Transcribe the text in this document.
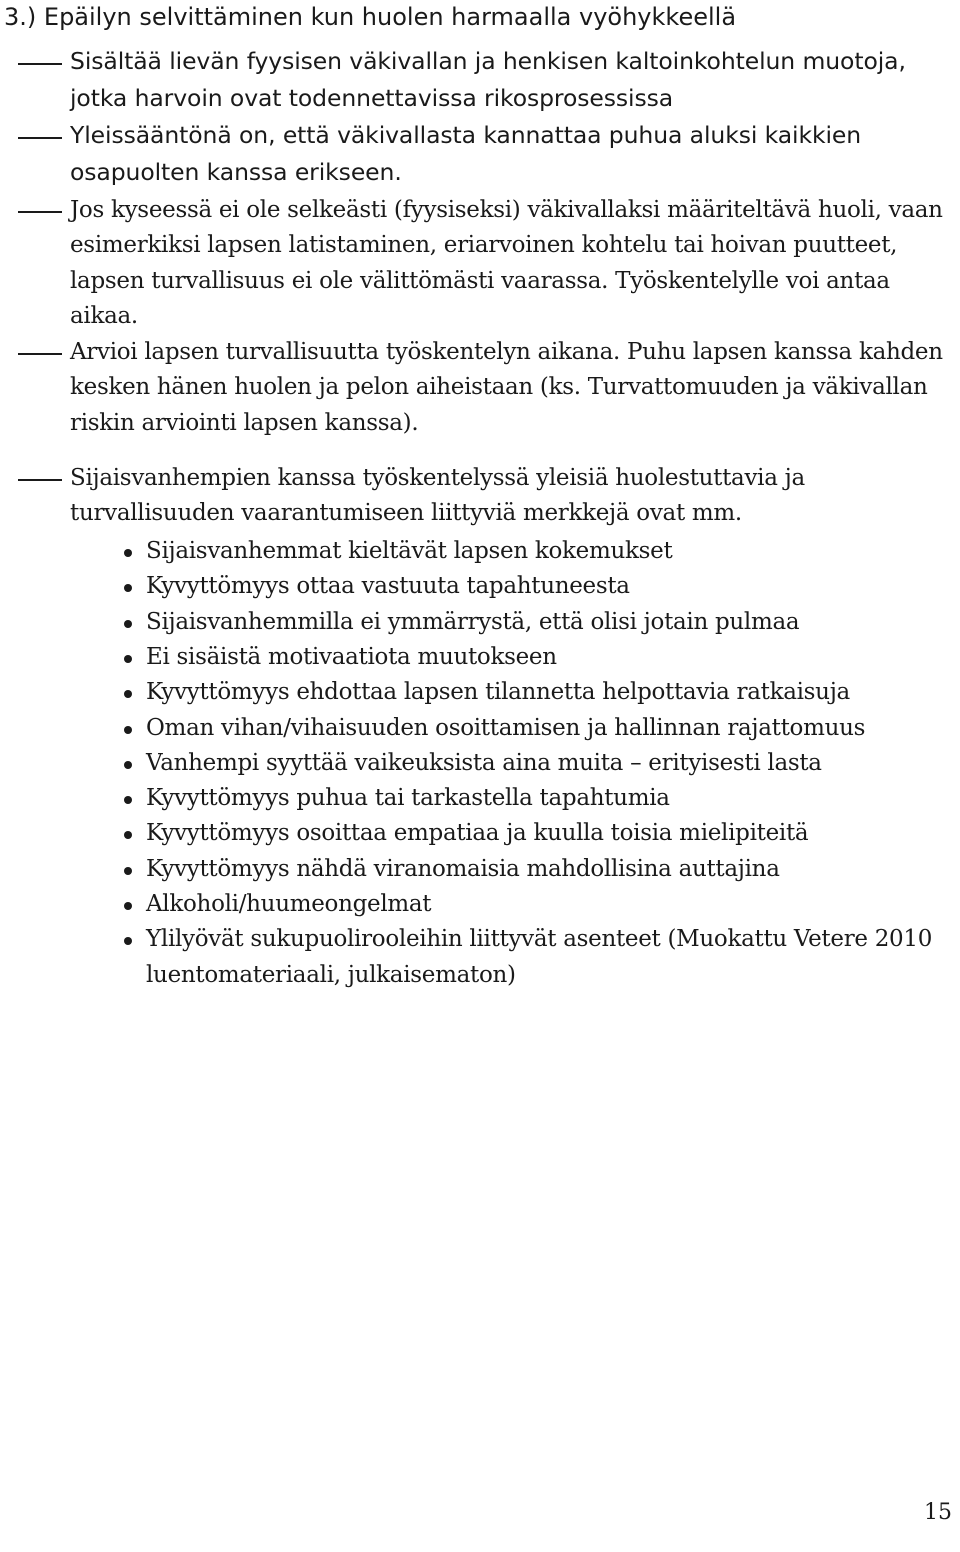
3.) Epäilyn selvittäminen kun huolen harmaalla vyöhykkeellä
Sisältää lievän fyysisen väkivallan ja henkisen kaltoinkohtelun muotoja, jotka harvoin ovat todennettavissa rikosprosessissa
Yleissääntönä on, että väkivallasta kannattaa puhua aluksi kaikkien osapuolten kanssa erikseen.
Jos kyseessä ei ole selkeästi (fyysiseksi) väkivallaksi määriteltävä huoli, vaan esimerkiksi lapsen latistaminen, eriarvoinen kohtelu tai hoivan puutteet, lapsen turvallisuus ei ole välittömästi vaarassa. Työskentelylle voi antaa aikaa.
Arvioi lapsen turvallisuutta työskentelyn aikana. Puhu lapsen kanssa kahden kesken hänen huolen ja pelon aiheistaan (ks. Turvattomuuden ja väkivallan riskin arviointi lapsen kanssa).
Sijaisvanhempien kanssa työskentelyssä yleisiä huolestuttavia ja turvallisuuden vaarantumiseen liittyviä merkkejä ovat mm.
Sijaisvanhemmat kieltävät lapsen kokemukset
Kyvyttömyys ottaa vastuuta tapahtuneesta
Sijaisvanhemmilla ei ymmärrystä, että olisi jotain pulmaa
Ei sisäistä motivaatiota muutokseen
Kyvyttömyys ehdottaa lapsen tilannetta helpottavia ratkaisuja
Oman vihan/vihaisuuden osoittamisen ja hallinnan rajattomuus
Vanhempi syyttää vaikeuksista aina muita – erityisesti lasta
Kyvyttömyys puhua tai tarkastella tapahtumia
Kyvyttömyys osoittaa empatiaa ja kuulla toisia mielipiteitä
Kyvyttömyys nähdä viranomaisia mahdollisina auttajina
Alkoholi/huumeongelmat
Ylilyövät sukupuolirooleihin liittyvät asenteet (Muokattu Vetere 2010 luentomateriaali, julkaisematon)
15
